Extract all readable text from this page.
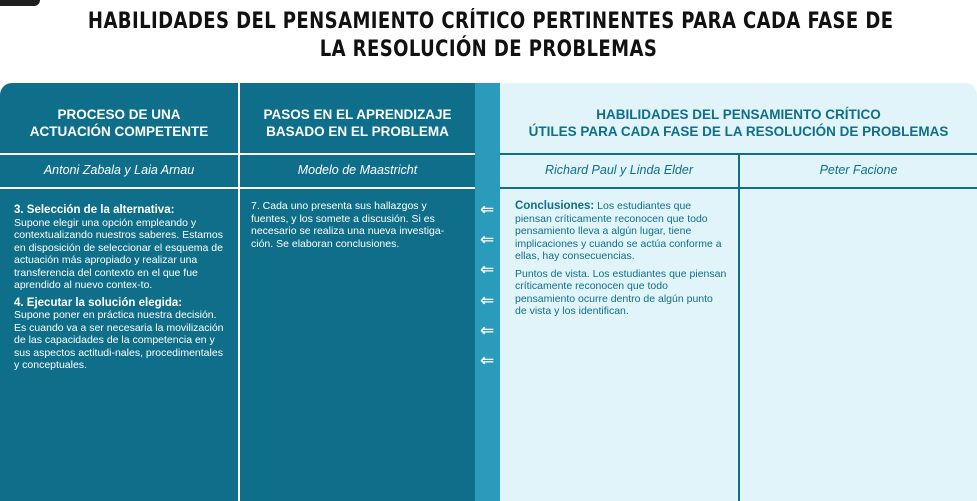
HABILIDADES DEL PENSAMIENTO CRÍTICO PERTINENTES PARA CADA FASE DE
LA RESOLUCIÓN DE PROBLEMAS
PROCESO DE UNA
ACTUACIÓN COMPETENTE
Antoni Zabala y Laia Arnau

3. Selección de la alternativa:
Supone elegir una opción empleando y contextualizando nuestros saberes. Estamos en disposición de seleccionar el esquema de actuación más apropiado y realizar una transferencia del contexto en el que fue aprendido al nuevo contex-to.

4. Ejecutar la solución elegida:
Supone poner en práctica nuestra decisión. Es cuando va a ser necesaria la movilización de las capacidades de la competencia en y sus aspectos actitudi-nales, procedimentales y conceptuales.

PASOS EN EL APRENDIZAJE
BASADO EN EL PROBLEMA
Modelo de Maastricht
7. Cada uno presenta sus hallazgos y fuentes, y los somete a discusión. Si es necesario se realiza una nueva investiga-ción. Se elaboran conclusiones.
⇐
⇐
⇐
⇐
⇐
⇐
HABILIDADES DEL PENSAMIENTO CRÍTICO
ÚTILES PARA CADA FASE DE LA RESOLUCIÓN DE PROBLEMAS
Richard Paul y Linda Elder	Peter Facione

Conclusiones: Los estudiantes que piensan críticamente reconocen que todo pensamiento lleva a algún lugar, tiene implicaciones y cuando se actúa conforme a ellas, hay consecuencias.

Puntos de vista. Los estudiantes que piensan críticamente reconocen que todo pensamiento ocurre dentro de algún punto de vista y los identifican.
